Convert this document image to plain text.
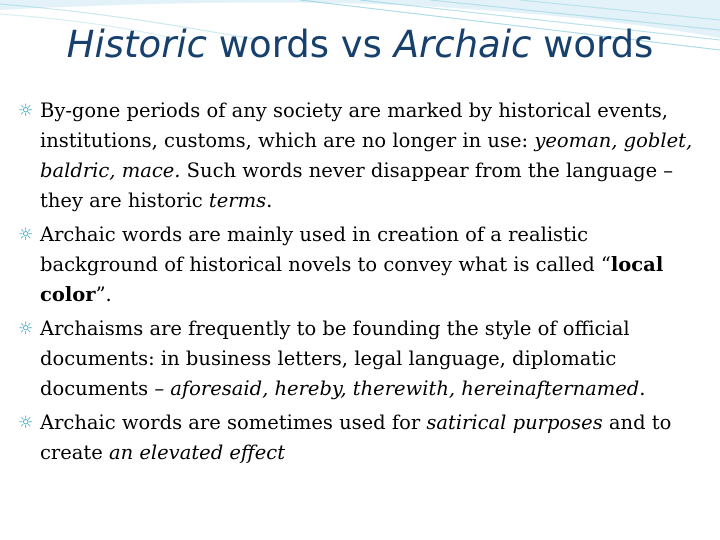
Historic words vs Archaic words
☼ By-gone periods of any society are marked by historical events, institutions, customs, which are no longer in use: yeoman, goblet, baldric, mace. Such words never disappear from the language – they are historic terms.
☼ Archaic words are mainly used in creation of a realistic background of historical novels to convey what is called “local color”.
☼ Archaisms are frequently to be founding the style of official documents: in business letters, legal language, diplomatic documents – aforesaid, hereby, therewith, hereinafternamed.
☼ Archaic words are sometimes used for satirical purposes and to create an elevated effect
